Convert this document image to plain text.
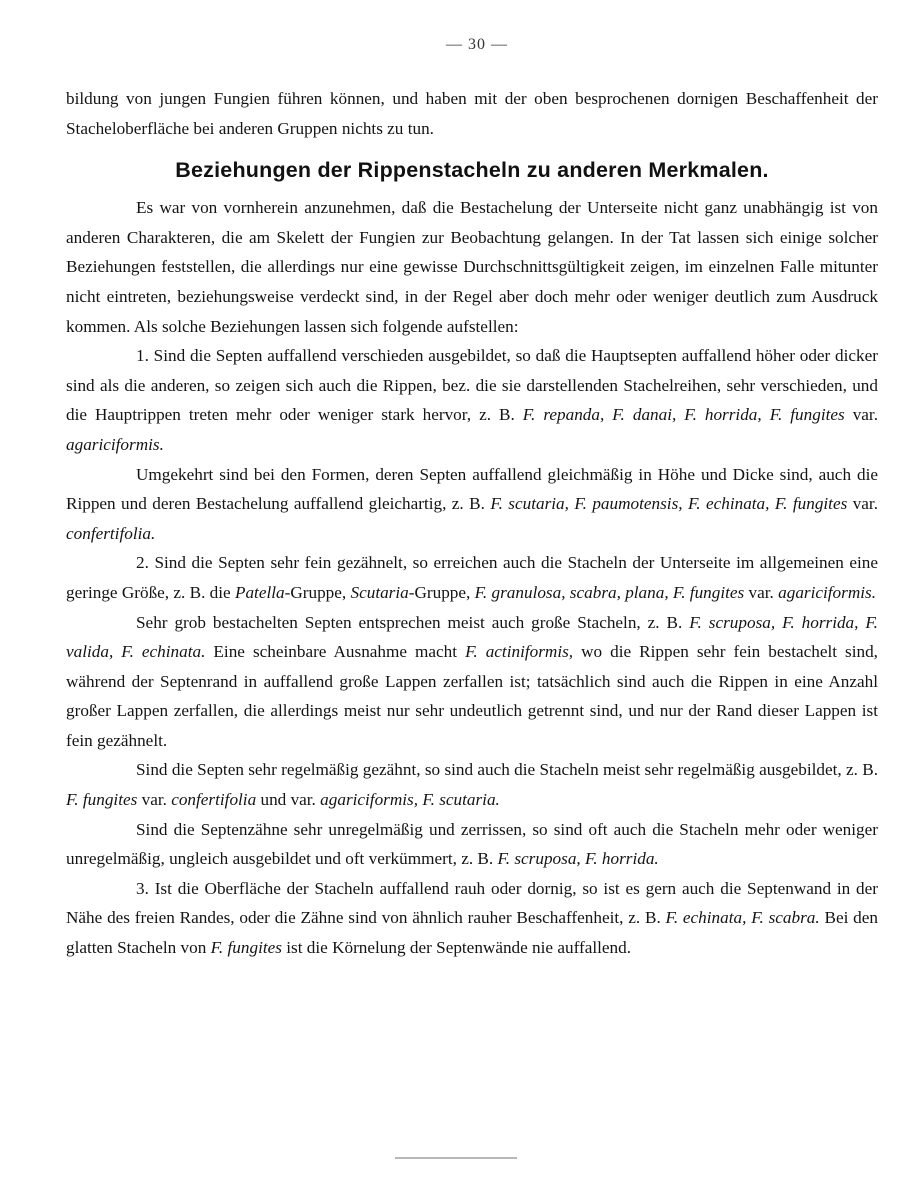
— 30 —

bildung von jungen Fungien führen können, und haben mit der oben besprochenen dornigen Beschaffenheit der Stacheloberfläche bei anderen Gruppen nichts zu tun.

Beziehungen der Rippenstacheln zu anderen Merkmalen.

Es war von vornherein anzunehmen, daß die Bestachelung der Unterseite nicht ganz unabhängig ist von anderen Charakteren, die am Skelett der Fungien zur Beobachtung gelangen. In der Tat lassen sich einige solcher Beziehungen feststellen, die allerdings nur eine gewisse Durchschnittsgültigkeit zeigen, im einzelnen Falle mitunter nicht eintreten, beziehungsweise verdeckt sind, in der Regel aber doch mehr oder weniger deutlich zum Ausdruck kommen. Als solche Beziehungen lassen sich folgende aufstellen:

1. Sind die Septen auffallend verschieden ausgebildet, so daß die Hauptsepten auffallend höher oder dicker sind als die anderen, so zeigen sich auch die Rippen, bez. die sie darstellenden Stachelreihen, sehr verschieden, und die Hauptrippen treten mehr oder weniger stark hervor, z. B. F. repanda, F. danai, F. horrida, F. fungites var. agariciformis.

Umgekehrt sind bei den Formen, deren Septen auffallend gleichmäßig in Höhe und Dicke sind, auch die Rippen und deren Bestachelung auffallend gleichartig, z. B. F. scutaria, F. paumotensis, F. echinata, F. fungites var. confertifolia.

2. Sind die Septen sehr fein gezähnelt, so erreichen auch die Stacheln der Unterseite im allgemeinen eine geringe Größe, z. B. die Patella-Gruppe, Scutaria-Gruppe, F. granulosa, scabra, plana, F. fungites var. agariciformis.

Sehr grob bestachelten Septen entsprechen meist auch große Stacheln, z. B. F. scruposa, F. horrida, F. valida, F. echinata. Eine scheinbare Ausnahme macht F. actiniformis, wo die Rippen sehr fein bestachelt sind, während der Septenrand in auffallend große Lappen zerfallen ist; tatsächlich sind auch die Rippen in eine Anzahl großer Lappen zerfallen, die allerdings meist nur sehr undeutlich getrennt sind, und nur der Rand dieser Lappen ist fein gezähnelt.

Sind die Septen sehr regelmäßig gezähnt, so sind auch die Stacheln meist sehr regelmäßig ausgebildet, z. B. F. fungites var. confertifolia und var. agariciformis, F. scutaria.

Sind die Septenzähne sehr unregelmäßig und zerrissen, so sind oft auch die Stacheln mehr oder weniger unregelmäßig, ungleich ausgebildet und oft verkümmert, z. B. F. scruposa, F. horrida.

3. Ist die Oberfläche der Stacheln auffallend rauh oder dornig, so ist es gern auch die Septenwand in der Nähe des freien Randes, oder die Zähne sind von ähnlich rauher Beschaffenheit, z. B. F. echinata, F. scabra. Bei den glatten Stacheln von F. fungites ist die Körnelung der Septenwände nie auffallend.
